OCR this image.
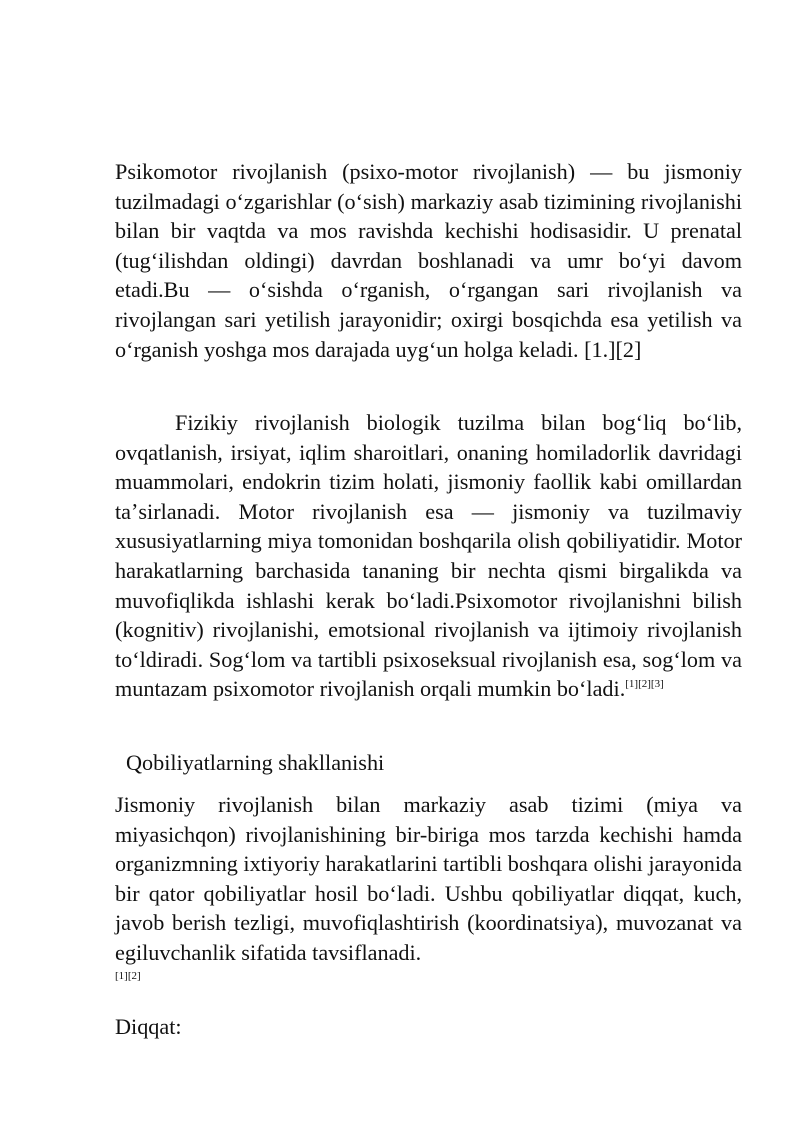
Psikomotor rivojlanish (psixo-motor rivojlanish) — bu jismoniy tuzilmadagi oʻzgarishlar (oʻsish) markaziy asab tizimining rivojlanishi bilan bir vaqtda va mos ravishda kechishi hodisasidir. U prenatal (tugʻilishdan oldingi) davrdan boshlanadi va umr boʻyi davom etadi.Bu — oʻsishda oʻrganish, oʻrgangan sari rivojlanish va rivojlangan sari yetilish jarayonidir; oxirgi bosqichda esa yetilish va oʻrganish yoshga mos darajada uygʻun holga keladi. [1.][2]

Fizikiy rivojlanish biologik tuzilma bilan bogʻliq boʻlib, ovqatlanish, irsiyat, iqlim sharoitlari, onaning homiladorlik davridagi muammolari, endokrin tizim holati, jismoniy faollik kabi omillardan taʼsirlanadi. Motor rivojlanish esa — jismoniy va tuzilmaviy xususiyatlarning miya tomonidan boshqarila olish qobiliyatidir. Motor harakatlarning barchasida tananing bir nechta qismi birgalikda va muvofiqlikda ishlashi kerak boʻladi.Psixomotor rivojlanishni bilish (kognitiv) rivojlanishi, emotsional rivojlanish va ijtimoiy rivojlanish toʻldiradi. Sogʻlom va tartibli psixoseksual rivojlanish esa, sogʻlom va muntazam psixomotor rivojlanish orqali mumkin boʻladi.[1][2][3]

Qobiliyatlarning shakllanishi

Jismoniy rivojlanish bilan markaziy asab tizimi (miya va miyasichqon) rivojlanishining bir-biriga mos tarzda kechishi hamda organizmning ixtiyoriy harakatlarini tartibli boshqara olishi jarayonida bir qator qobiliyatlar hosil boʻladi. Ushbu qobiliyatlar diqqat, kuch, javob berish tezligi, muvofiqlashtirish (koordinatsiya), muvozanat va egiluvchanlik sifatida tavsiflanadi.
[1][2]

Diqqat:
